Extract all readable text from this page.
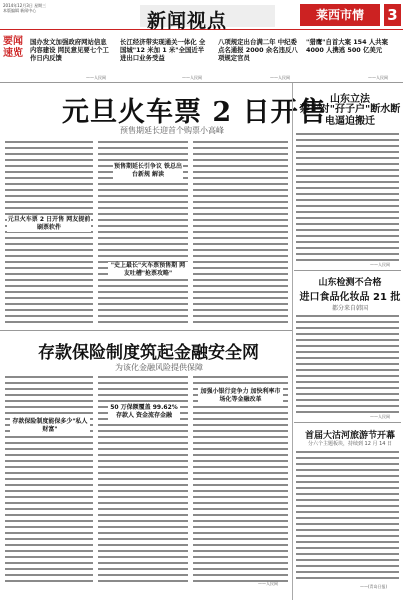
2014年12月3日 星期三
本版编辑 新闻中心	新闻视点	莱西市情	3
要闻速览
国办发文加强政府网站信息内容建设 网民意见要七个工作日内反馈
——人民网
长江经济带实现通关一体化 全国城"12 米加 1 米"全国近半进出口业务受益
——人民网
八项规定出台满二年 中纪委点名通报 2000 余名违反八项规定官员
——人民网
"猎鹰"自首大案 154 人共案 4000 人携逃 500 亿美元
——人民网
元旦火车票 2 日开售
预售期延长迎首个购票小高峰
元旦火车票 2 日开售 网友提前刷票软件
预售期延长引争议 铁总出台新规 解读
"史上最长"火车票预售期 网友吐槽"抢票攻略"
存款保险制度筑起金融安全网
为该化金融风险提供保障
存款保险制度能保多少"私人财富"
50 万保额覆盖 99.62%存款人 资金流存金融
加强小银行竞争力 加快利率市场化等金融改革
——人民网
山东立法
禁止对"孖子户"断水断电逼迫搬迁
——人民网
山东检测不合格
进口食品化妆品 21 批
都分来自韩国
——人民网
首届大沽河旅游节开幕
分六个主题板块，持续到 12 月 14 日
——(青岛日报)
